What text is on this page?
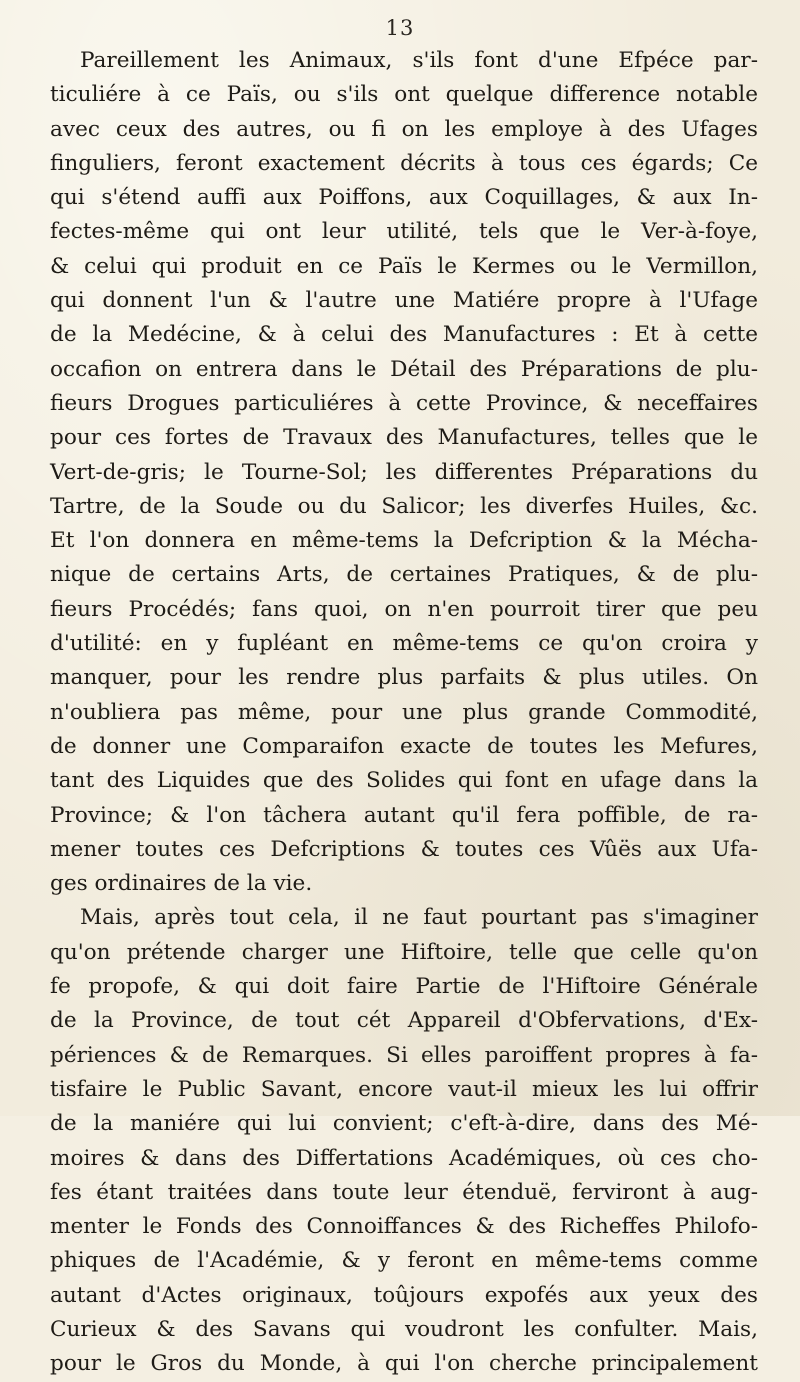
13
Pareillement les Animaux, s'ils font d'une Efpéce par-
ticuliére à ce Païs, ou s'ils ont quelque difference notable
avec ceux des autres, ou fi on les employe à des Ufages
finguliers, feront exactement décrits à tous ces égards; Ce
qui s'étend auffi aux Poiffons, aux Coquillages, & aux In-
fectes-même qui ont leur utilité, tels que le Ver-à-foye,
& celui qui produit en ce Païs le Kermes ou le Vermillon,
qui donnent l'un & l'autre une Matiére propre à l'Ufage
de la Medécine, & à celui des Manufactures : Et à cette
occafion on entrera dans le Détail des Préparations de plu-
fieurs Drogues particuliéres à cette Province, & neceffaires
pour ces fortes de Travaux des Manufactures, telles que le
Vert-de-gris; le Tourne-Sol; les differentes Préparations du
Tartre, de la Soude ou du Salicor; les diverfes Huiles, &c.
Et l'on donnera en même-tems la Defcription & la Mécha-
nique de certains Arts, de certaines Pratiques, & de plu-
fieurs Procédés; fans quoi, on n'en pourroit tirer que peu
d'utilité: en y fupléant en même-tems ce qu'on croira y
manquer, pour les rendre plus parfaits & plus utiles. On
n'oubliera pas même, pour une plus grande Commodité,
de donner une Comparaifon exacte de toutes les Mefures,
tant des Liquides que des Solides qui font en ufage dans la
Province; & l'on tâchera autant qu'il fera poffible, de ra-
mener toutes ces Defcriptions & toutes ces Vûës aux Ufa-
ges ordinaires de la vie.
Mais, après tout cela, il ne faut pourtant pas s'imaginer
qu'on prétende charger une Hiftoire, telle que celle qu'on
fe propofe, & qui doit faire Partie de l'Hiftoire Générale
de la Province, de tout cét Appareil d'Obfervations, d'Ex-
périences & de Remarques. Si elles paroiffent propres à fa-
tisfaire le Public Savant, encore vaut-il mieux les lui offrir
de la maniére qui lui convient; c'eft-à-dire, dans des Mé-
moires & dans des Differtations Académiques, où ces cho-
fes étant traitées dans toute leur étenduë, ferviront à aug-
menter le Fonds des Connoiffances & des Richeffes Philofo-
phiques de l'Académie, & y feront en même-tems comme
autant d'Actes originaux, toûjours expofés aux yeux des
Curieux & des Savans qui voudront les confulter. Mais,
pour le Gros du Monde, à qui l'on cherche principalement
